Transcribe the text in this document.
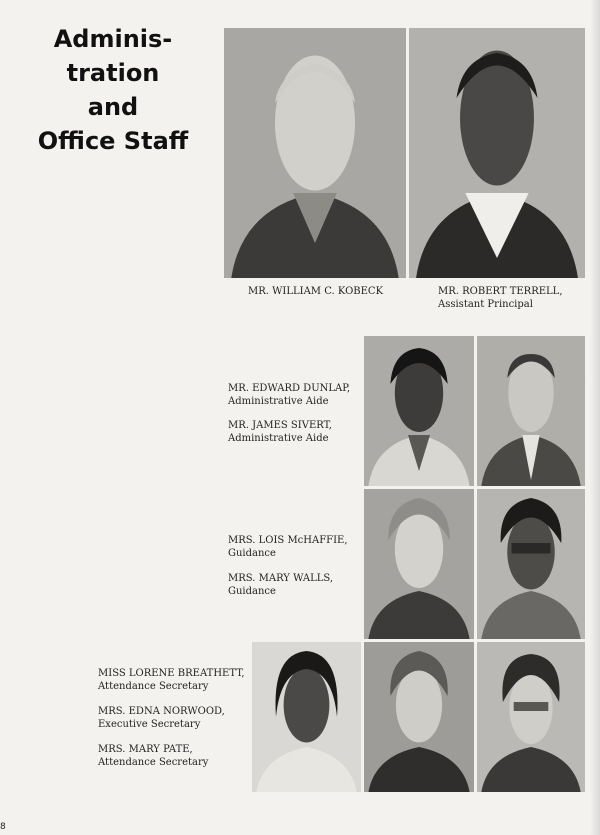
Adminis-
tration
and
Office Staff
MR. WILLIAM C. KOBECK	MR. ROBERT TERRELL,
Assistant Principal
MR. EDWARD DUNLAP,
Administrative Aide
MR. JAMES SIVERT,
Administrative Aide
MRS. LOIS McHAFFIE,
Guidance
MRS. MARY WALLS,
Guidance
MISS LORENE BREATHETT,
Attendance Secretary
MRS. EDNA NORWOOD,
Executive Secretary
MRS. MARY PATE,
Attendance Secretary
8
